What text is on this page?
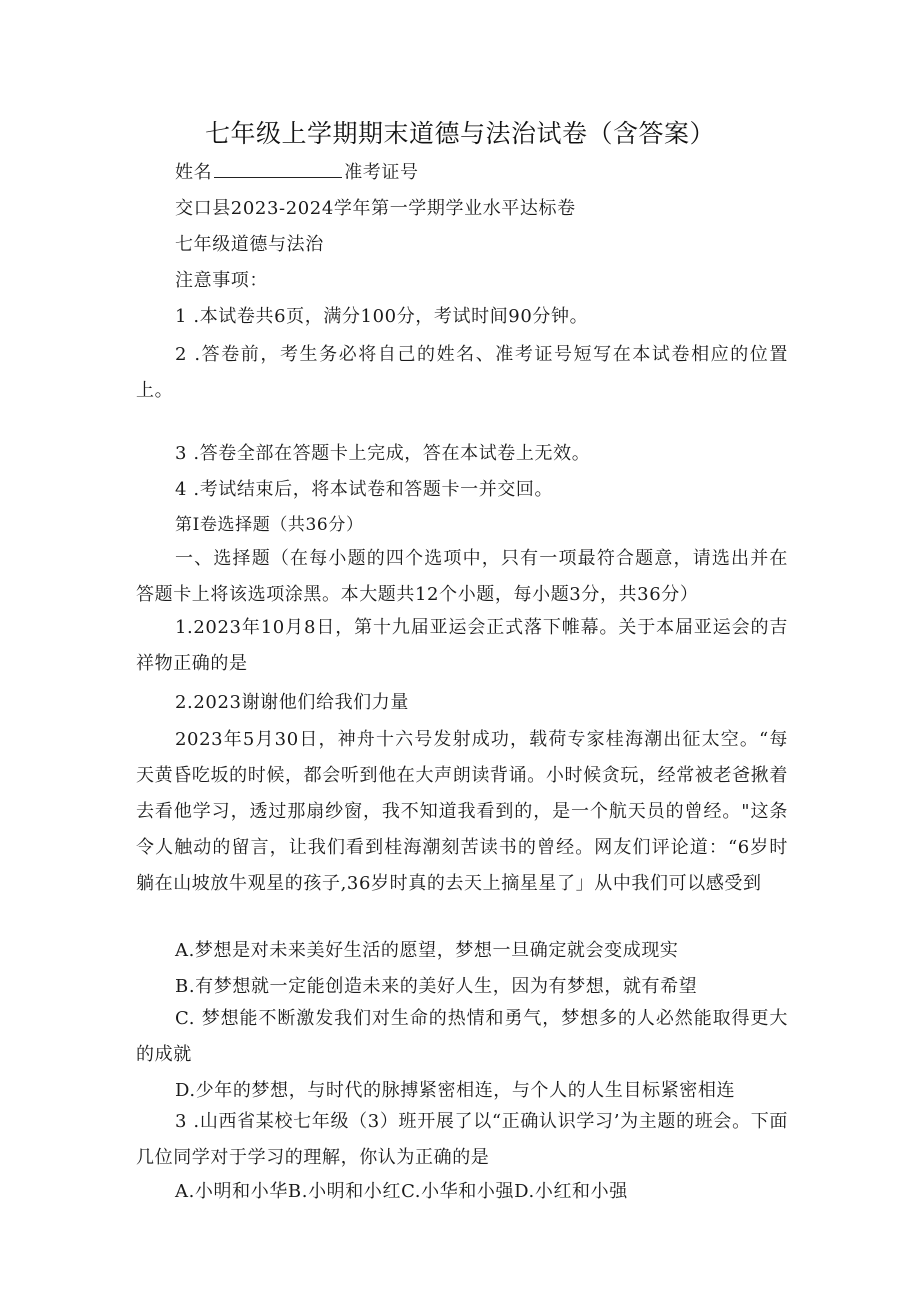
七年级上学期期末道德与法治试卷（含答案）
姓名	准考证号
交口县2023-2024学年第一学期学业水平达标卷
七年级道德与法治
注意事项：
1 .本试卷共6页，满分100分，考试时间90分钟。
2 .答卷前，考生务必将自己的姓名、准考证号短写在本试卷相应的位置上。
3 .答卷全部在答题卡上完成，答在本试卷上无效。
4 .考试结束后，将本试卷和答题卡一并交回。
第I卷选择题（共36分）
一、选择题（在每小题的四个选项中，只有一项最符合题意，请选出并在答题卡上将该选项涂黑。本大题共12个小题，每小题3分，共36分）
1.2023年10月8日，第十九届亚运会正式落下帷幕。关于本届亚运会的吉祥物正确的是
2.2023谢谢他们给我们力量
2023年5月30日，神舟十六号发射成功，载荷专家桂海潮出征太空。“每天黄昏吃坂的时候，都会听到他在大声朗读背诵。小时候贪玩，经常被老爸揪着去看他学习，透过那扇纱窗，我不知道我看到的，是一个航天员的曾经。"这条令人触动的留言，让我们看到桂海潮刻苦读书的曾经。网友们评论道：“6岁时躺在山坡放牛观星的孩子,36岁时真的去天上摘星星了」从中我们可以感受到
A.梦想是对未来美好生活的愿望，梦想一旦确定就会变成现实
B.有梦想就一定能创造未来的美好人生，因为有梦想，就有希望
C. 梦想能不断激发我们对生命的热情和勇气，梦想多的人必然能取得更大的成就
D.少年的梦想，与时代的脉搏紧密相连，与个人的人生目标紧密相连
3 .山西省某校七年级（3）班开展了以“正确认识学习’为主题的班会。下面几位同学对于学习的理解，你认为正确的是
A.小明和小华B.小明和小红C.小华和小强D.小红和小强
